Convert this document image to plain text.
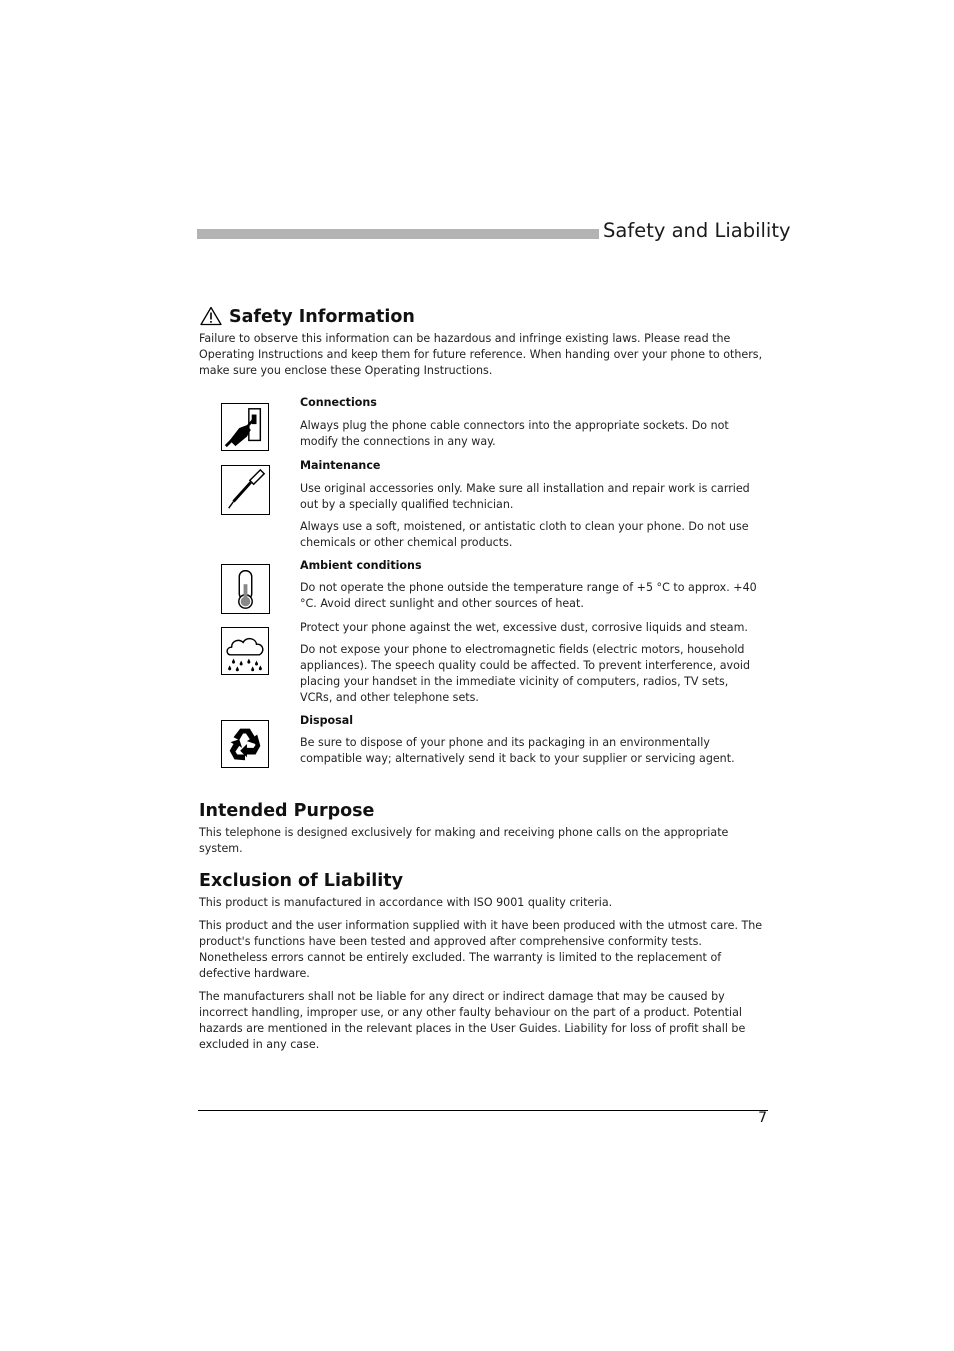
Safety and Liability
Safety Information
Failure to observe this information can be hazardous and infringe existing laws. Please read the Operating Instructions and keep them for future reference. When handing over your phone to others, make sure you enclose these Operating Instructions.
Connections
Always plug the phone cable connectors into the appropriate sockets. Do not modify the connections in any way.
Maintenance
Use original accessories only. Make sure all installation and repair work is carried out by a specially qualified technician.
Always use a soft, moistened, or antistatic cloth to clean your phone. Do not use chemicals or other chemical products.
Ambient conditions
Do not operate the phone outside the temperature range of +5 °C to approx. +40 °C. Avoid direct sunlight and other sources of heat.
Protect your phone against the wet, excessive dust, corrosive liquids and steam.
Do not expose your phone to electromagnetic fields (electric motors, household appliances). The speech quality could be affected. To prevent interference, avoid placing your handset in the immediate vicinity of computers, radios, TV sets, VCRs, and other telephone sets.
Disposal
Be sure to dispose of your phone and its packaging in an environmentally compatible way; alternatively send it back to your supplier or servicing agent.
Intended Purpose
This telephone is designed exclusively for making and receiving phone calls on the appropriate system.
Exclusion of Liability
This product is manufactured in accordance with ISO 9001 quality criteria.
This product and the user information supplied with it have been produced with the utmost care. The product's functions have been tested and approved after comprehensive conformity tests. Nonetheless errors cannot be entirely excluded. The warranty is limited to the replacement of defective hardware.
The manufacturers shall not be liable for any direct or indirect damage that may be caused by incorrect handling, improper use, or any other faulty behaviour on the part of a product. Potential hazards are mentioned in the relevant places in the User Guides. Liability for loss of profit shall be excluded in any case.
7
